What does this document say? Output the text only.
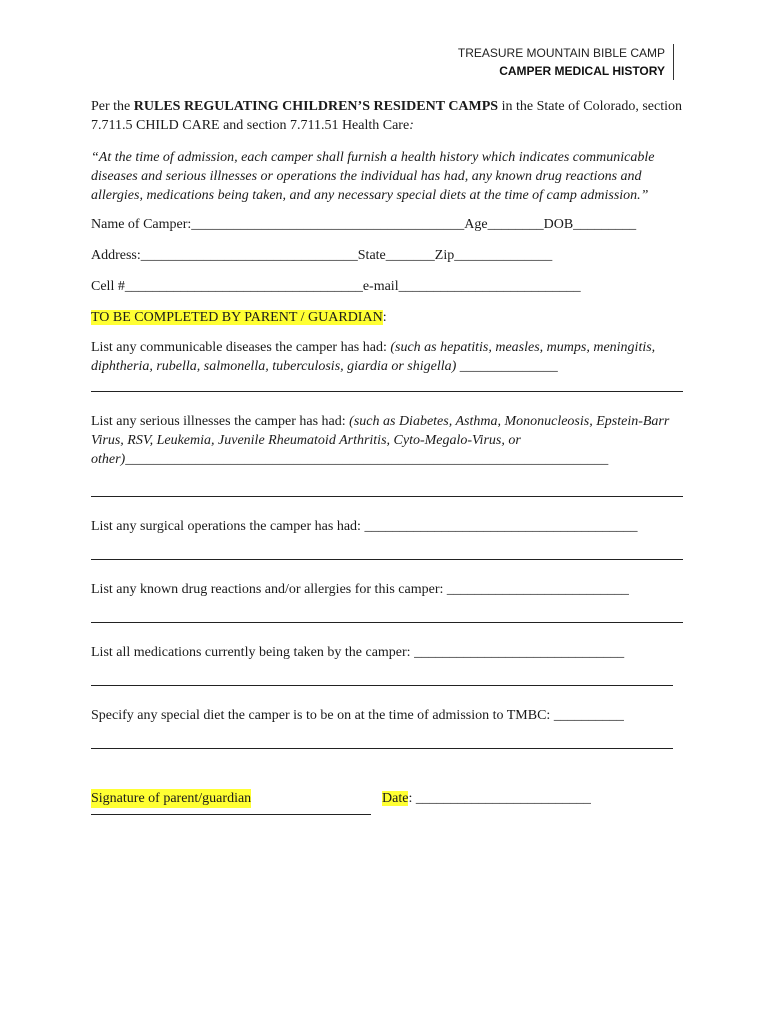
TREASURE MOUNTAIN BIBLE CAMP
CAMPER MEDICAL HISTORY

Per the RULES REGULATING CHILDREN’S RESIDENT CAMPS in the State of Colorado, section 7.711.5 CHILD CARE and section 7.711.51 Health Care:

“At the time of admission, each camper shall furnish a health history which indicates communicable diseases and serious illnesses or operations the individual has had, any known drug reactions and allergies, medications being taken, and any necessary special diets at the time of camp admission.”

Name of Camper:_______________________________________Age________DOB_________

Address:_______________________________State_______Zip______________

Cell #__________________________________e-mail__________________________

TO BE COMPLETED BY PARENT / GUARDIAN:

List any communicable diseases the camper has had: (such as hepatitis, measles, mumps, meningitis, diphtheria, rubella, salmonella, tuberculosis, giardia or shigella) ______________

List any serious illnesses the camper has had: (such as Diabetes, Asthma, Mononucleosis, Epstein-Barr Virus, RSV, Leukemia, Juvenile Rheumatoid Arthritis, Cyto-Megalo-Virus, or other)_____________________________________________________________________

List any surgical operations the camper has had: _______________________________________

List any known drug reactions and/or allergies for this camper: __________________________

List all medications currently being taken by the camper: ______________________________

Specify any special diet the camper is to be on at the time of admission to TMBC: __________

Signature of parent/guardian	Date: _________________________
